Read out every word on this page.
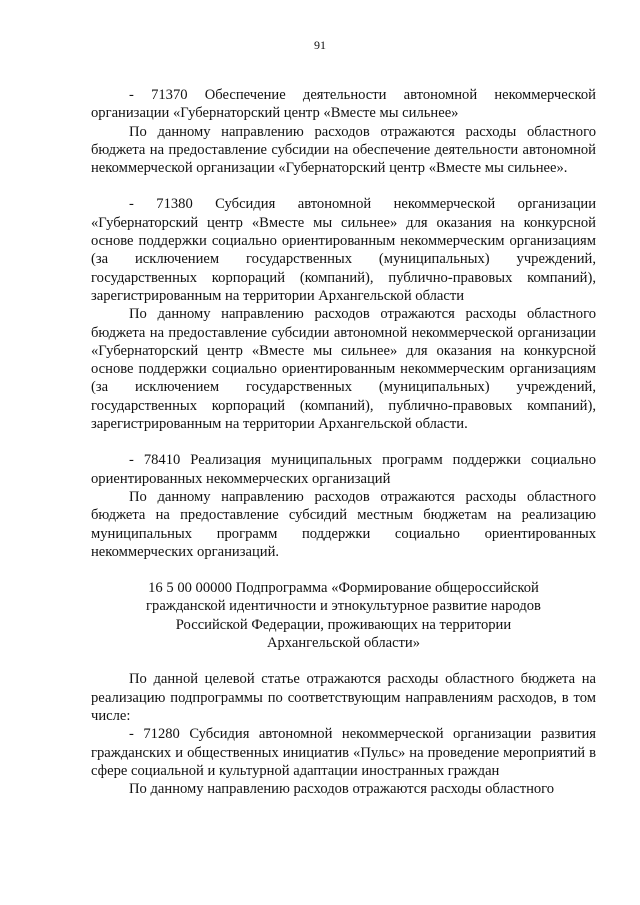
91

- 71370 Обеспечение деятельности автономной некоммерческой организации «Губернаторский центр «Вместе мы сильнее»

По данному направлению расходов отражаются расходы областного бюджета на предоставление субсидии на обеспечение деятельности автономной некоммерческой организации «Губернаторский центр «Вместе мы сильнее».

- 71380 Субсидия автономной некоммерческой организации «Губернаторский центр «Вместе мы сильнее» для оказания на конкурсной основе поддержки социально ориентированным некоммерческим организациям (за исключением государственных (муниципальных) учреждений, государственных корпораций (компаний), публично-правовых компаний), зарегистрированным на территории Архангельской области

По данному направлению расходов отражаются расходы областного бюджета на предоставление субсидии автономной некоммерческой организации «Губернаторский центр «Вместе мы сильнее» для оказания на конкурсной основе поддержки социально ориентированным некоммерческим организациям (за исключением государственных (муниципальных) учреждений, государственных корпораций (компаний), публично-правовых компаний), зарегистрированным на территории Архангельской области.

- 78410 Реализация муниципальных программ поддержки социально ориентированных некоммерческих организаций

По данному направлению расходов отражаются расходы областного бюджета на предоставление субсидий местным бюджетам на реализацию муниципальных программ поддержки социально ориентированных некоммерческих организаций.

16 5 00 00000 Подпрограмма «Формирование общероссийской гражданской идентичности и этнокультурное развитие народов Российской Федерации, проживающих на территории Архангельской области»

По данной целевой статье отражаются расходы областного бюджета на реализацию подпрограммы по соответствующим направлениям расходов, в том числе:

- 71280 Субсидия автономной некоммерческой организации развития гражданских и общественных инициатив «Пульс» на проведение мероприятий в сфере социальной и культурной адаптации иностранных граждан

По данному направлению расходов отражаются расходы областного
